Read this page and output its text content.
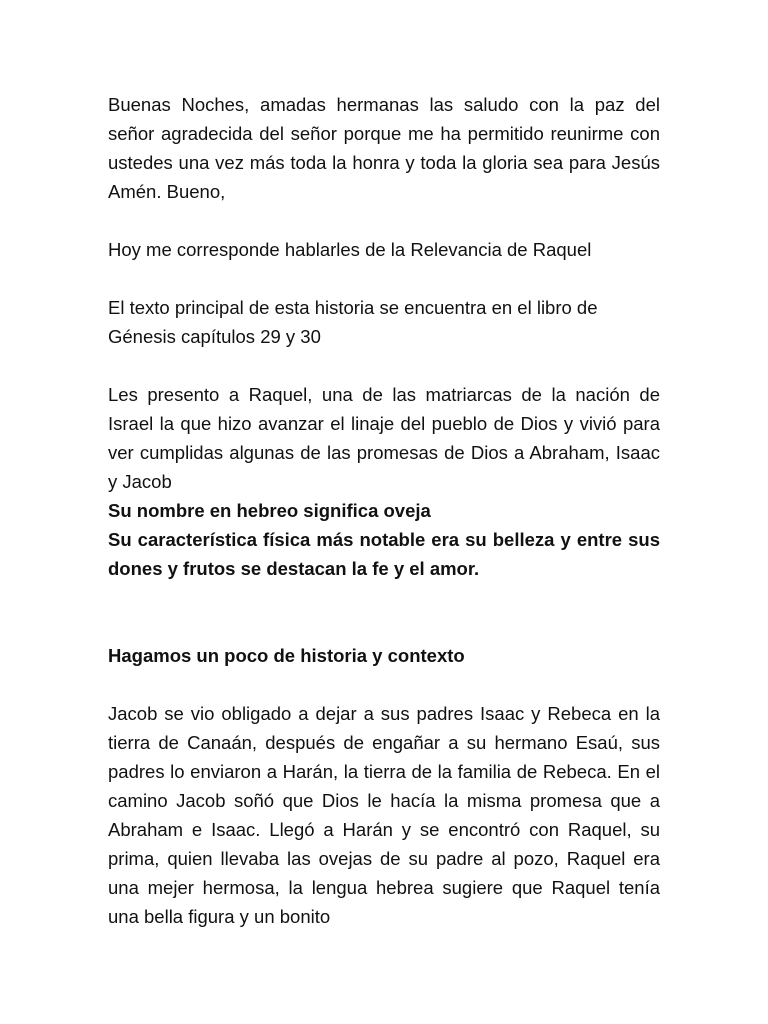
Buenas Noches, amadas hermanas las saludo con la paz del señor agradecida del señor porque me ha permitido reunirme con ustedes una vez más toda la honra y toda la gloria sea para Jesús Amén. Bueno,

Hoy me corresponde hablarles de la Relevancia de Raquel

El texto principal de esta historia se encuentra en el libro de Génesis capítulos 29 y 30

Les presento a Raquel, una de las matriarcas de la nación de Israel la que hizo avanzar el linaje del pueblo de Dios y vivió para ver cumplidas algunas de las promesas de Dios a Abraham, Isaac y Jacob

Su nombre en hebreo significa oveja

Su característica física más notable era su belleza y entre sus dones y frutos se destacan la fe y el amor.

Hagamos un poco de historia y contexto

Jacob se vio obligado a dejar a sus padres Isaac y Rebeca en la tierra de Canaán, después de engañar a su hermano Esaú, sus padres lo enviaron a Harán, la tierra de la familia de Rebeca. En el camino Jacob soñó que Dios le hacía la misma promesa que a Abraham e Isaac. Llegó a Harán y se encontró con Raquel, su prima, quien llevaba las ovejas de su padre al pozo, Raquel era una mejer hermosa, la lengua hebrea sugiere que Raquel tenía una bella figura y un bonito
